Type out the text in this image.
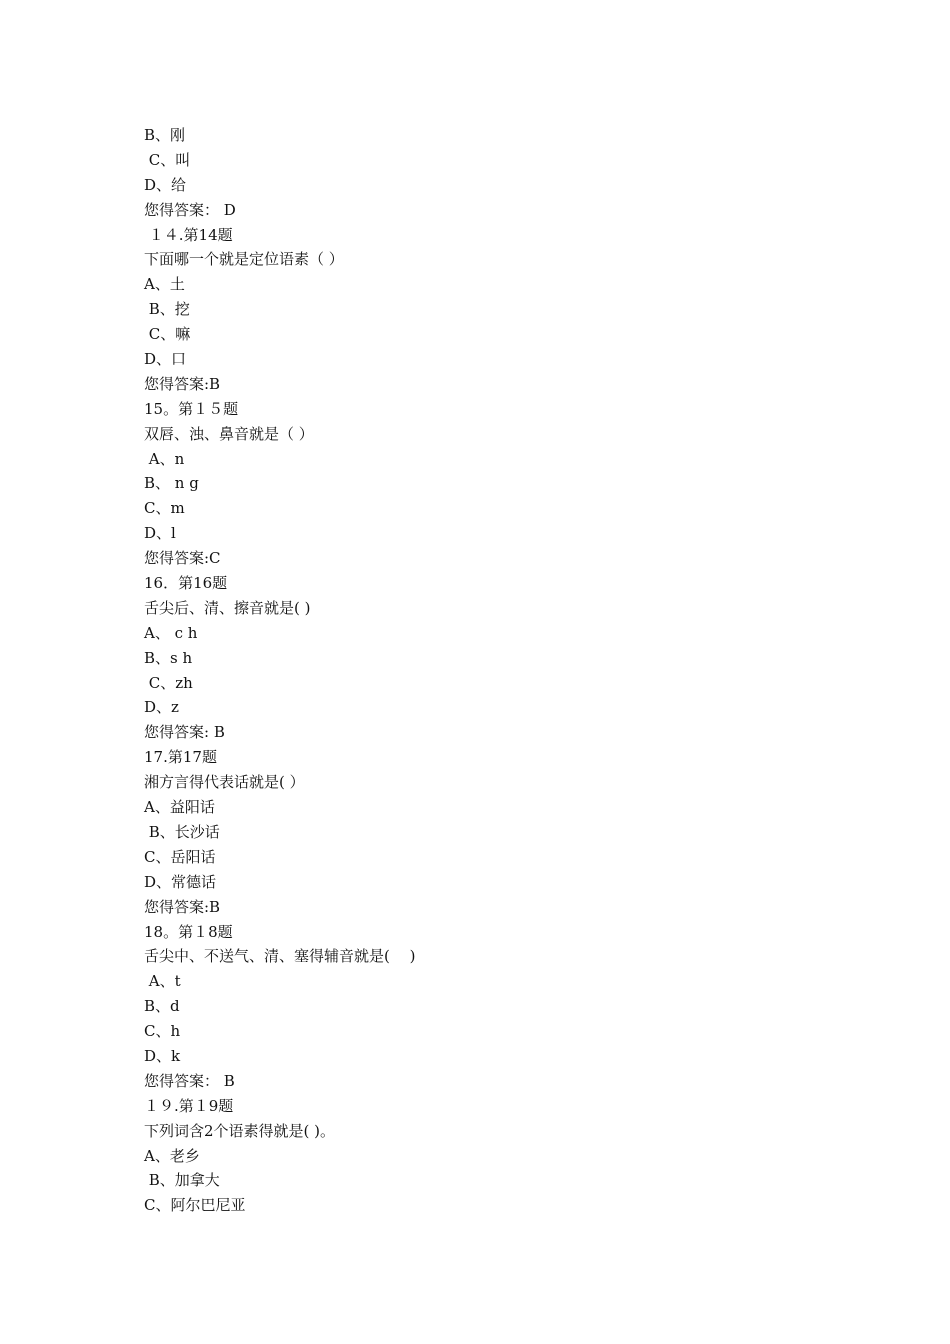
B、刚
C、叫
D、给
您得答案： D
１４.第14题
下面哪一个就是定位语素（ ）
A、土
B、挖
C、嘛
D、口
您得答案:B
15。第１５题
双唇、浊、鼻音就是（ ）
A、n
B、 n g
C、m
D、l
您得答案:C
16．第16题
舌尖后、清、擦音就是( )
A、 c h
B、s h
C、zh
D、z
您得答案: B
17.第17题
湘方言得代表话就是( ）
A、益阳话
B、长沙话
C、岳阳话
D、常德话
您得答案:B
18。第１8题
舌尖中、不送气、清、塞得辅音就是(　 )
A、t
B、d
C、h
D、k
您得答案： B
１９.第１9题
下列词含2个语素得就是( )。
A、老乡
B、加拿大
C、阿尔巴尼亚
